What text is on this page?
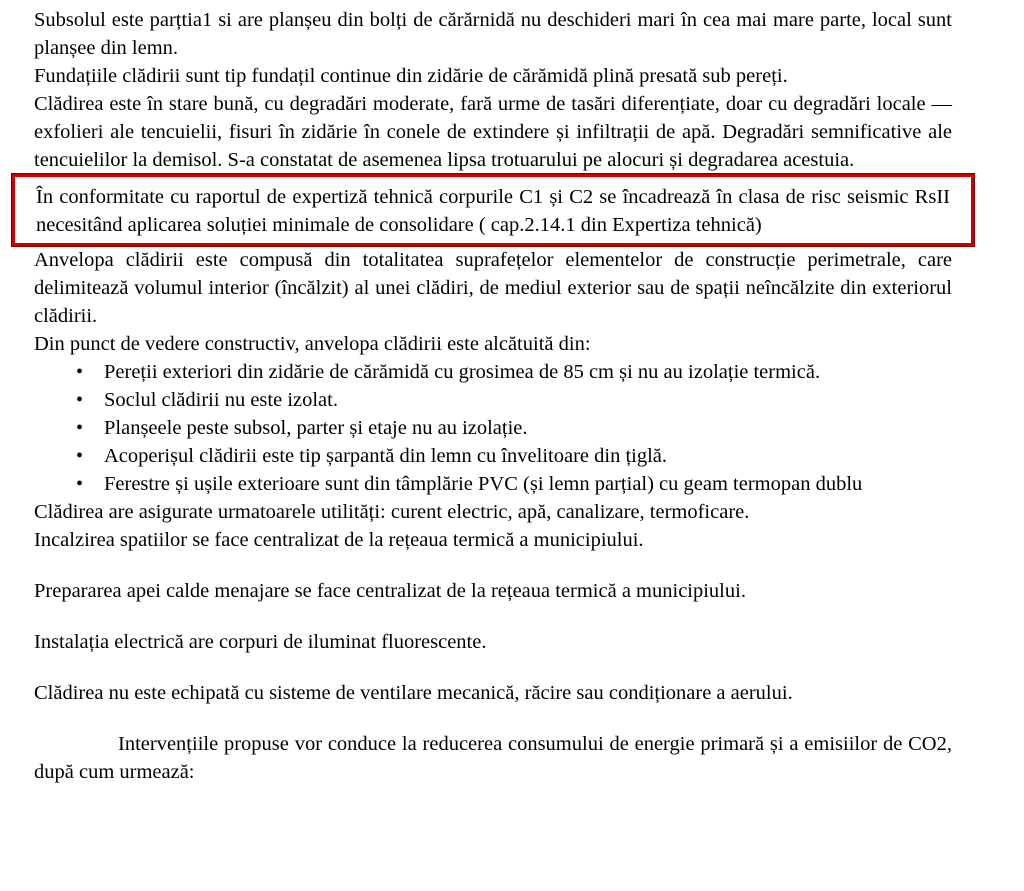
Subsolul este parțtia1 si are planșeu din bolți de cărărnidă nu deschideri mari în cea mai mare parte, local sunt planșee din lemn.

Fundațiile clădirii sunt tip fundațil continue din zidărie de cărămidă plină presată sub pereți.

Clădirea este în stare bună, cu degradări moderate, fară urme de tasări diferențiate, doar cu degradări locale — exfolieri ale tencuielii, fisuri în zidărie în conele de extindere și infiltrații de apă. Degradări semnificative ale tencuielilor la demisol. S-a constatat de asemenea lipsa trotuarului pe alocuri și degradarea acestuia.

În conformitate cu raportul de expertiză tehnică corpurile C1 și C2 se încadrează în clasa de risc seismic RsII necesitând aplicarea soluției minimale de consolidare ( cap.2.14.1 din Expertiza tehnică)

Anvelopa clădirii este compusă din totalitatea suprafețelor elementelor de construcție perimetrale, care delimitează volumul interior (încălzit) al unei clădiri, de mediul exterior sau de spații neîncălzite din exteriorul clădirii.

Din punct de vedere constructiv, anvelopa clădirii este alcătuită din:

• Pereții exteriori din zidărie de cărămidă cu grosimea de 85 cm și nu au izolație termică.
• Soclul clădirii nu este izolat.
• Planșeele peste subsol, parter și etaje nu au izolație.
• Acoperișul clădirii este tip șarpantă din lemn cu învelitoare din țiglă.
• Ferestre și ușile exterioare sunt din tâmplărie PVC (și lemn parțial) cu geam termopan dublu

Clădirea are asigurate urmatoarele utilități: curent electric, apă, canalizare, termoficare.

Incalzirea spatiilor se face centralizat de la rețeaua termică a municipiului.

Prepararea apei calde menajare se face centralizat de la rețeaua termică a municipiului.

Instalația electrică are corpuri de iluminat fluorescente.

Clădirea nu este echipată cu sisteme de ventilare mecanică, răcire sau condiționare a aerului.

Intervențiile propuse vor conduce la reducerea consumului de energie primară și a emisiilor de CO2, după cum urmează:
